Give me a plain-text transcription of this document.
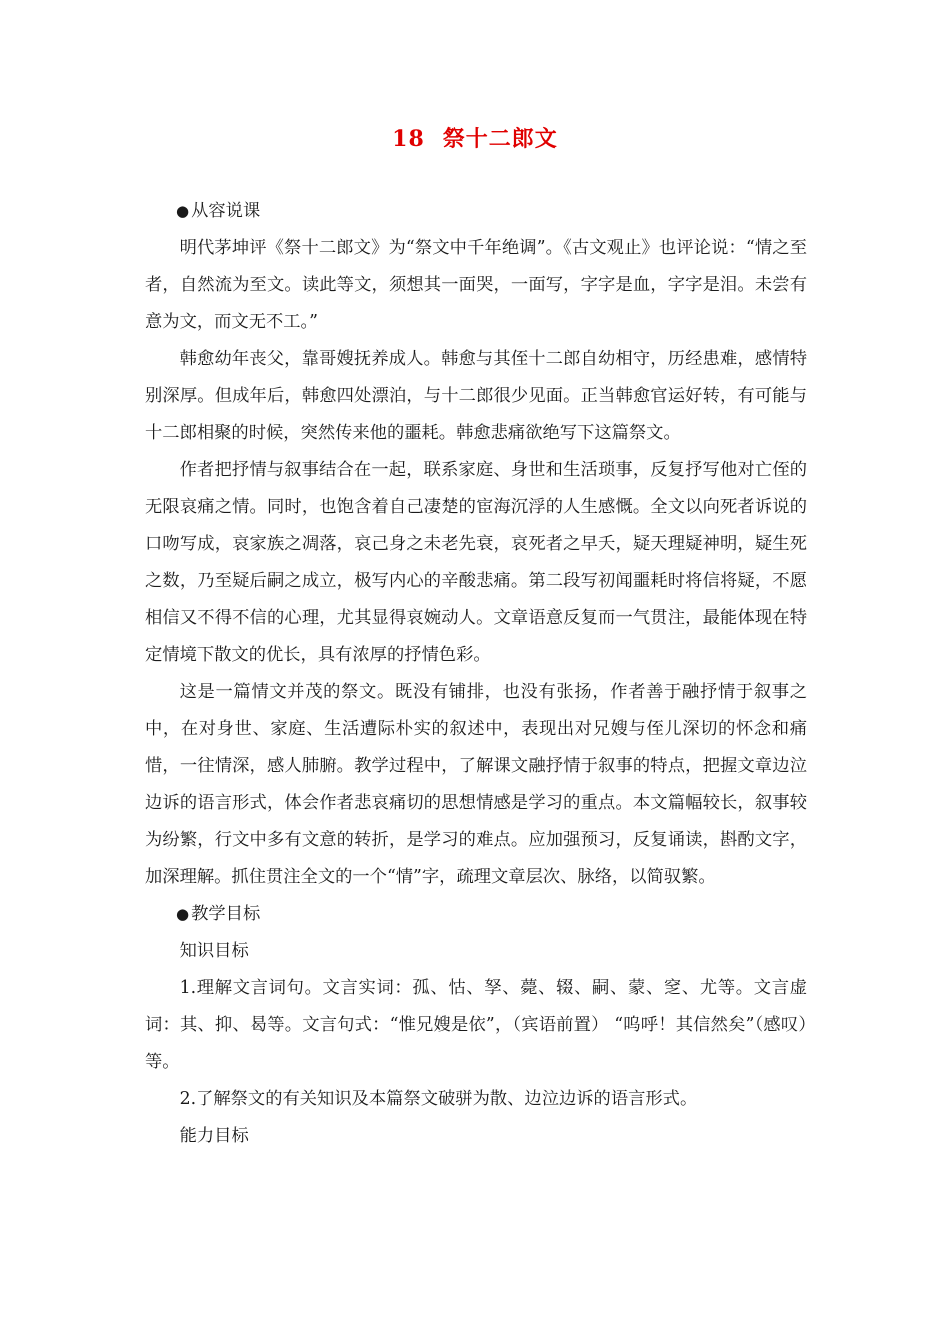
18 祭十二郎文

● 从容说课

明代茅坤评《祭十二郎文》为“祭文中千年绝调”。《古文观止》也评论说：“情之至者，自然流为至文。读此等文，须想其一面哭，一面写，字字是血，字字是泪。未尝有意为文，而文无不工。”

韩愈幼年丧父，靠哥嫂抚养成人。韩愈与其侄十二郎自幼相守，历经患难，感情特别深厚。但成年后，韩愈四处漂泊，与十二郎很少见面。正当韩愈官运好转，有可能与十二郎相聚的时候，突然传来他的噩耗。韩愈悲痛欲绝写下这篇祭文。

作者把抒情与叙事结合在一起，联系家庭、身世和生活琐事，反复抒写他对亡侄的无限哀痛之情。同时，也饱含着自己凄楚的宦海沉浮的人生感慨。全文以向死者诉说的口吻写成，哀家族之凋落，哀己身之未老先衰，哀死者之早夭，疑天理疑神明，疑生死之数，乃至疑后嗣之成立，极写内心的辛酸悲痛。第二段写初闻噩耗时将信将疑，不愿相信又不得不信的心理，尤其显得哀婉动人。文章语意反复而一气贯注，最能体现在特定情境下散文的优长，具有浓厚的抒情色彩。

这是一篇情文并茂的祭文。既没有铺排，也没有张扬，作者善于融抒情于叙事之中，在对身世、家庭、生活遭际朴实的叙述中，表现出对兄嫂与侄儿深切的怀念和痛惜，一往情深，感人肺腑。教学过程中，了解课文融抒情于叙事的特点，把握文章边泣边诉的语言形式，体会作者悲哀痛切的思想情感是学习的重点。本文篇幅较长，叙事较为纷繁，行文中多有文意的转折，是学习的难点。应加强预习，反复诵读，斟酌文字，加深理解。抓住贯注全文的一个“情”字，疏理文章层次、脉络，以简驭繁。

● 教学目标

知识目标

1.理解文言词句。文言实词：孤、怙、孥、薨、辍、嗣、蒙、窆、尤等。文言虚词：其、抑、曷等。文言句式：“惟兄嫂是依”，（宾语前置） “呜呼！其信然矣”（感叹）等。

2.了解祭文的有关知识及本篇祭文破骈为散、边泣边诉的语言形式。

能力目标
